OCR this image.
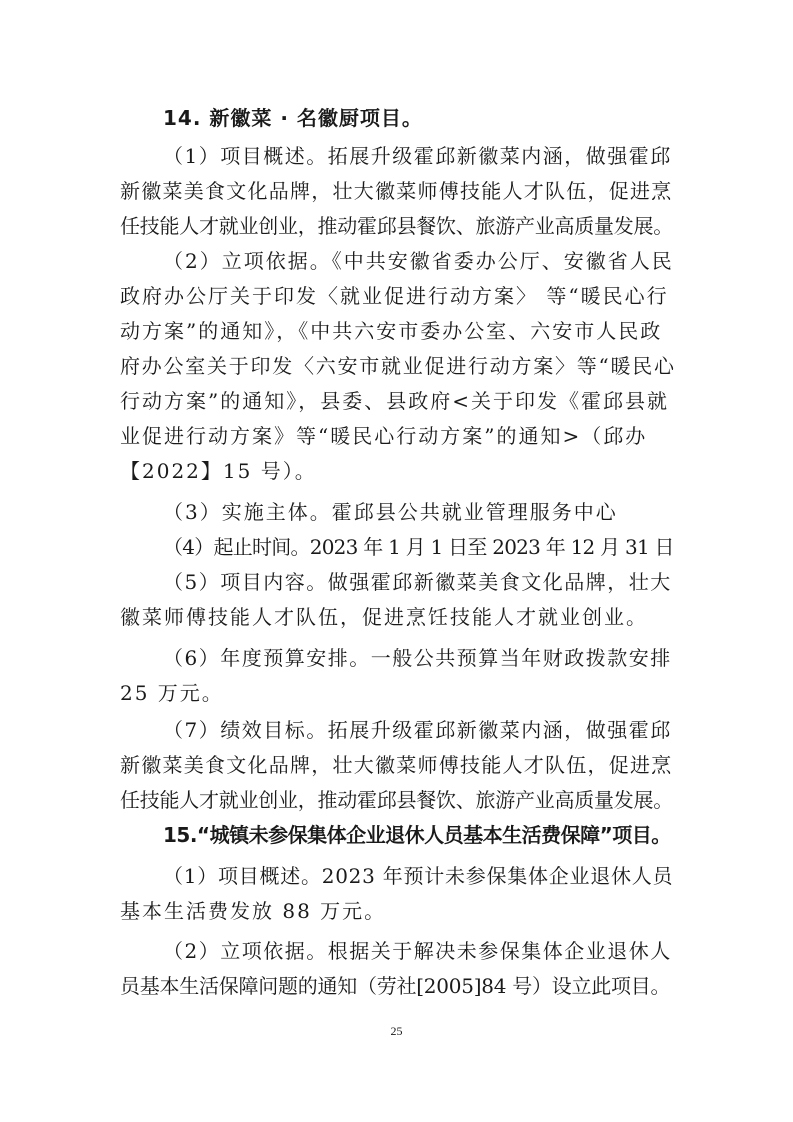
14. 新徽菜 · 名徽厨项目。
（1）项目概述。拓展升级霍邱新徽菜内涵，做强霍邱
新徽菜美食文化品牌，壮大徽菜师傅技能人才队伍，促进烹
任技能人才就业创业，推动霍邱县餐饮、旅游产业高质量发展。
（2）立项依据。《中共安徽省委办公厅、安徽省人民
政府办公厅关于印发〈就业促进行动方案〉 等“暖民心行
动方案”的通知》，《中共六安市委办公室、六安市人民政
府办公室关于印发〈六安市就业促进行动方案〉等“暖民心
行动方案”的通知》，县委、县政府<关于印发《霍邱县就
业促进行动方案》等“暖民心行动方案”的通知>（邱办
【2022】15 号）。
（3）实施主体。霍邱县公共就业管理服务中心
（4）起止时间。2023 年 1 月 1 日至 2023 年 12 月 31 日
（5）项目内容。做强霍邱新徽菜美食文化品牌，壮大
徽菜师傅技能人才队伍，促进烹饪技能人才就业创业。
（6）年度预算安排。一般公共预算当年财政拨款安排
25 万元。
（7）绩效目标。拓展升级霍邱新徽菜内涵，做强霍邱
新徽菜美食文化品牌，壮大徽菜师傅技能人才队伍，促进烹
任技能人才就业创业，推动霍邱县餐饮、旅游产业高质量发展。
15.“城镇未参保集体企业退休人员基本生活费保障”项目。
（1）项目概述。2023 年预计未参保集体企业退休人员
基本生活费发放 88 万元。
（2）立项依据。根据关于解决未参保集体企业退休人
员基本生活保障问题的通知（劳社[2005]84 号）设立此项目。
25
